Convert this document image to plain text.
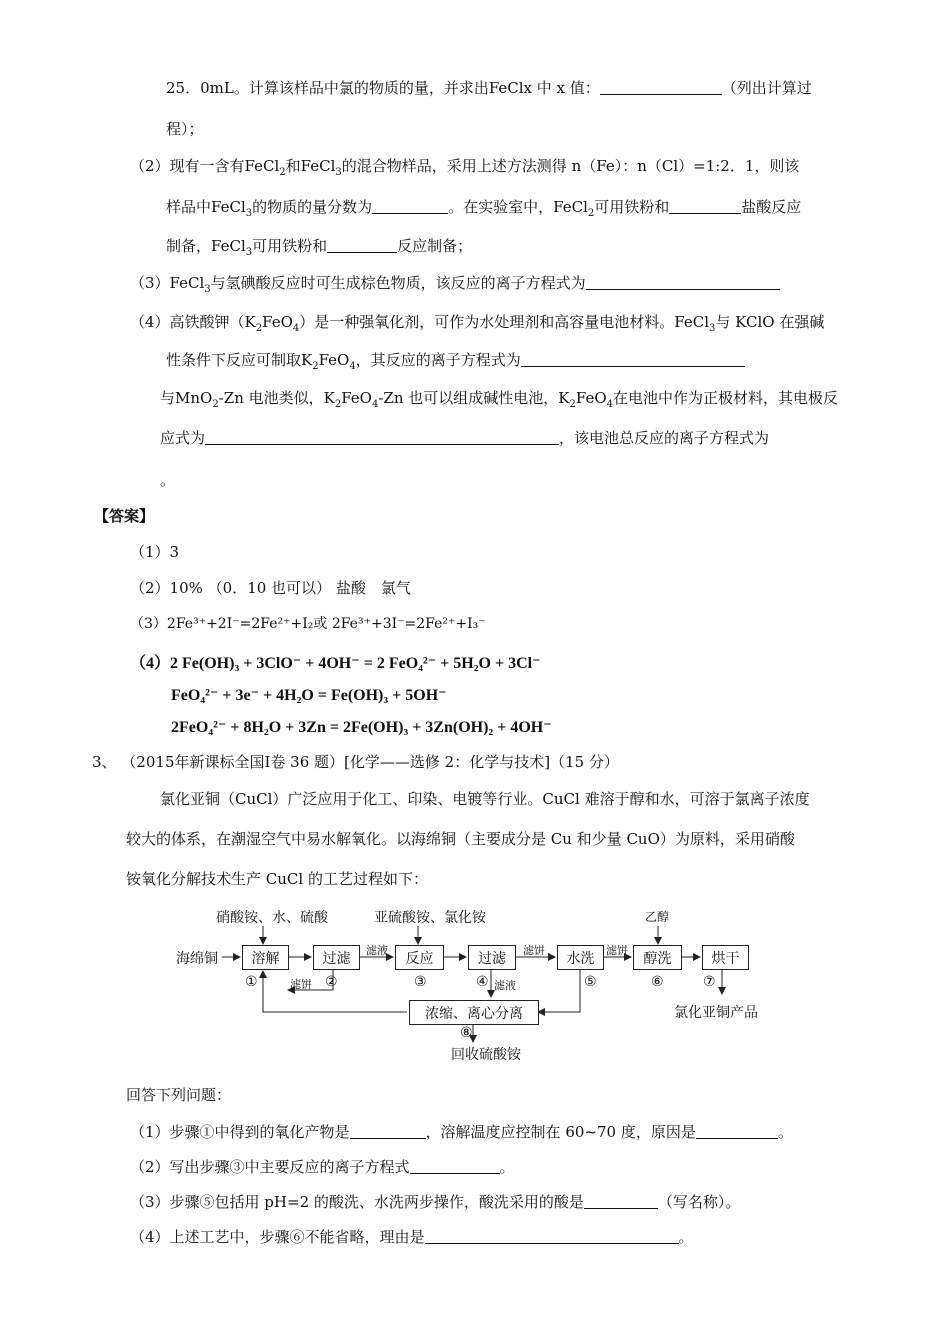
25．0mL。计算该样品中氯的物质的量，并求出FeClx 中 x 值：	（列出计算过
程）；
（2）现有一含有FeCl$_2$和FeCl$_3$的混合物样品，采用上述方法测得 n（Fe）：n（Cl）=1:2．1，则该
样品中FeCl$_3$的物质的量分数为	。在实验室中，FeCl$_2$可用铁粉和	盐酸反应
制备，FeCl$_3$可用铁粉和	反应制备；
（3）FeCl$_3$与氢碘酸反应时可生成棕色物质，该反应的离子方程式为
（4）高铁酸钾$(K_2FeO_4)$是一种强氧化剂，可作为水处理剂和高容量电池材料。FeCl$_3$与 KClO 在强碱
性条件下反应可制取$K_2FeO_4$，其反应的离子方程式为
与MnO$_2$-Zn 电池类似，$K_2FeO_4-Zn$ 也可以组成碱性电池，$K_2FeO_4$在电池中作为正极材料，其电极反
应式为	，该电池总反应的离子方程式为
。
【答案】
（1）3
（2）10% （0．10 也可以） 盐酸　氯气
（3）2Fe³⁺+2I⁻=2Fe²⁺+I₂或 2Fe³⁺+3I⁻=2Fe²⁺+I₃⁻
（4）2 Fe(OH)₃ + 3ClO⁻ + 4OH⁻ = 2 FeO₄²⁻ + 5H₂O + 3Cl⁻
FeO₄²⁻ + 3e⁻ + 4H₂O = Fe(OH)₃ + 5OH⁻
2FeO₄²⁻ + 8H₂O + 3Zn = 2Fe(OH)₃ + 3Zn(OH)₂ + 4OH⁻
3、 （2015年新课标全国Ⅰ卷 36 题）[化学——选修 2：化学与技术]（15 分）
氯化亚铜（CuCl）广泛应用于化工、印染、电镀等行业。CuCl 难溶于醇和水，可溶于氯离子浓度
较大的体系，在潮湿空气中易水解氧化。以海绵铜（主要成分是 Cu 和少量 CuO）为原料，采用硝酸
铵氧化分解技术生产 CuCl 的工艺过程如下：
硝酸铵、水、硫酸	亚硫酸铵、氯化铵	乙醇
海绵铜	溶解	过滤	反应	过滤	水洗	醇洗	烘干
滤液	滤饼	滤饼
滤饼	滤液
①	②	③	④	⑤	⑥	⑦
浓缩、离心分离
⑧
回收硫酸铵
氯化亚铜产品
回答下列问题：
（1）步骤①中得到的氧化产物是	，溶解温度应控制在 60~70 度，原因是	。
（2）写出步骤③中主要反应的离子方程式	。
（3）步骤⑤包括用 pH=2 的酸洗、水洗两步操作，酸洗采用的酸是	（写名称）。
（4）上述工艺中，步骤⑥不能省略，理由是	。
